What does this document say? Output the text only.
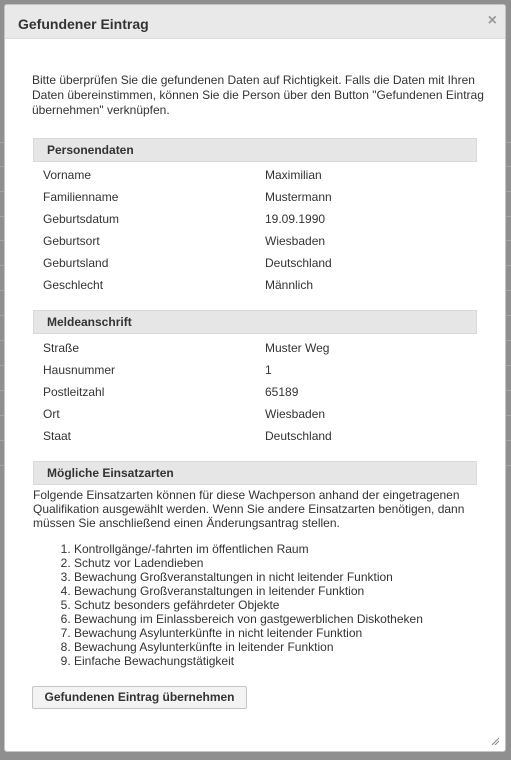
Gefundener Eintrag	×
Bitte überprüfen Sie die gefundenen Daten auf Richtigkeit. Falls die Daten mit Ihren Daten übereinstimmen, können Sie die Person über den Button "Gefundenen Eintrag übernehmen" verknüpfen.
Personendaten
Vorname	Maximilian
Familienname	Mustermann
Geburtsdatum	19.09.1990
Geburtsort	Wiesbaden
Geburtsland	Deutschland
Geschlecht	Männlich
Meldeanschrift
Straße	Muster Weg
Hausnummer	1
Postleitzahl	65189
Ort	Wiesbaden
Staat	Deutschland
Mögliche Einsatzarten
Folgende Einsatzarten können für diese Wachperson anhand der eingetragenen Qualifikation ausgewählt werden. Wenn Sie andere Einsatzarten benötigen, dann müssen Sie anschließend einen Änderungsantrag stellen.
1. Kontrollgänge/-fahrten im öffentlichen Raum
2. Schutz vor Ladendieben
3. Bewachung Großveranstaltungen in nicht leitender Funktion
4. Bewachung Großveranstaltungen in leitender Funktion
5. Schutz besonders gefährdeter Objekte
6. Bewachung im Einlassbereich von gastgewerblichen Diskotheken
7. Bewachung Asylunterkünfte in nicht leitender Funktion
8. Bewachung Asylunterkünfte in leitender Funktion
9. Einfache Bewachungstätigkeit
Gefundenen Eintrag übernehmen
